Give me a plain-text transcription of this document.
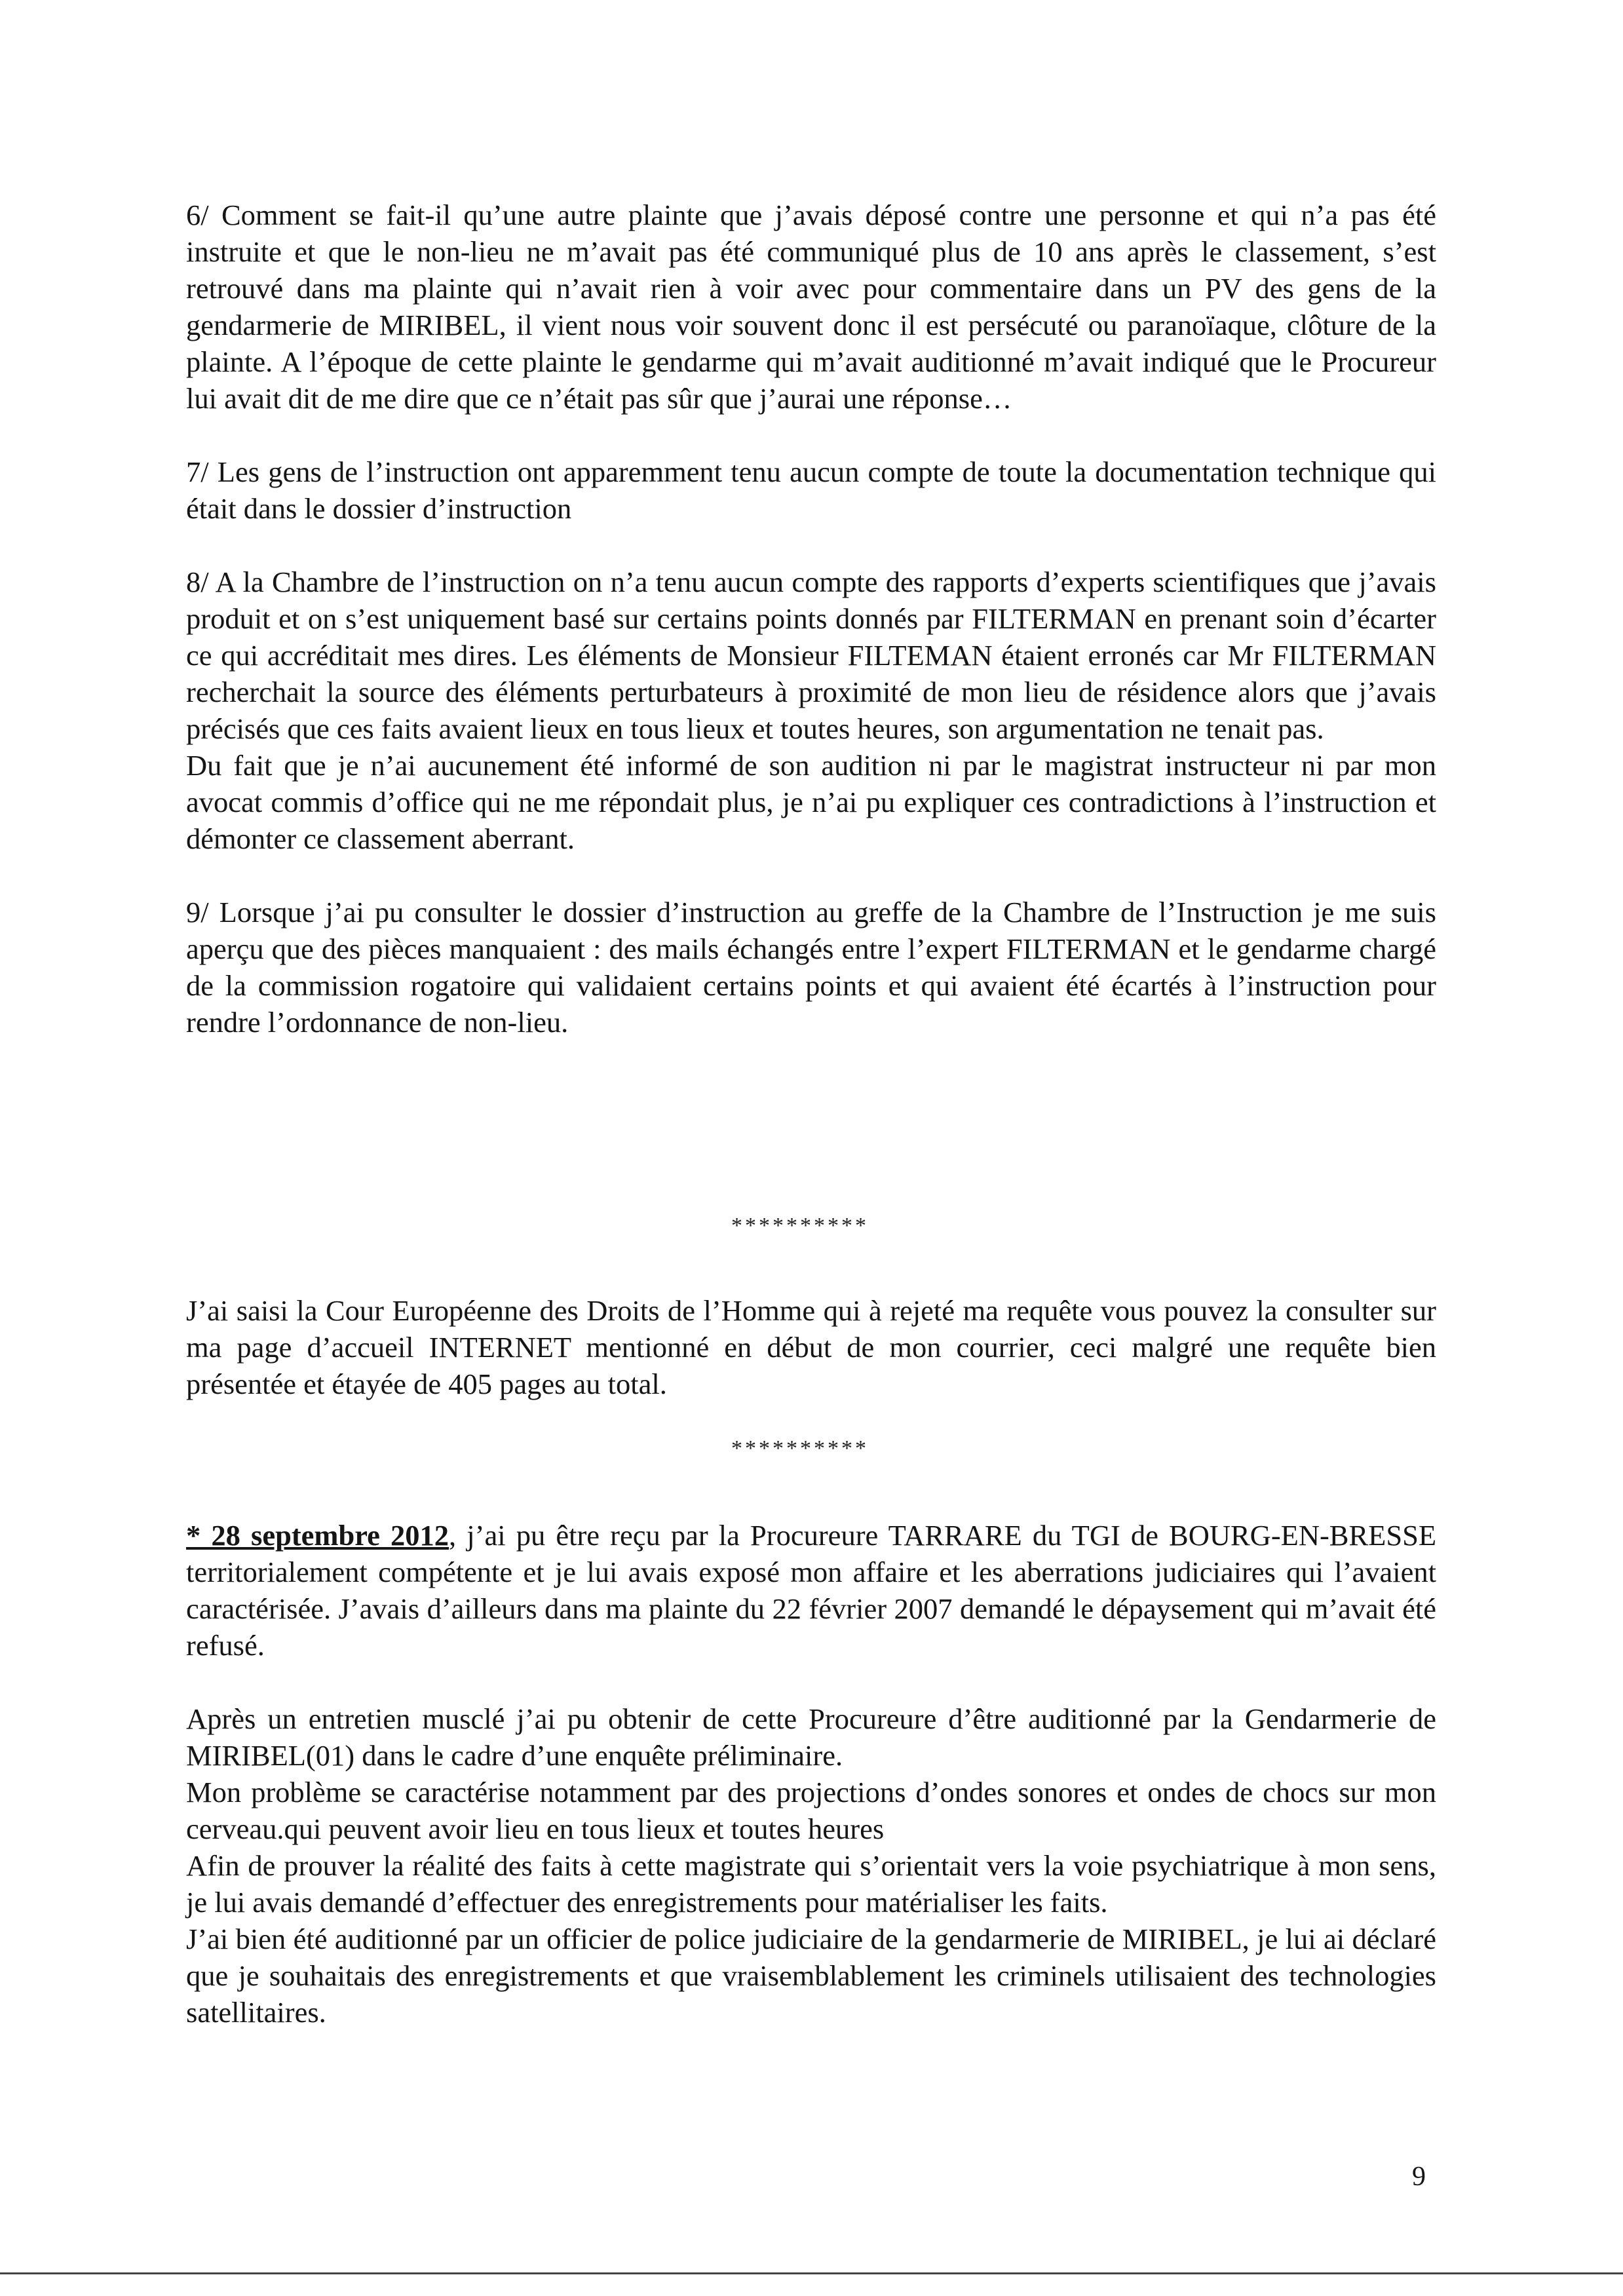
6/ Comment se fait-il qu’une autre plainte que j’avais déposé contre une personne et qui n’a pas été instruite et que le non-lieu ne m’avait pas été communiqué plus de 10 ans après le classement, s’est retrouvé dans ma plainte qui n’avait rien à voir avec pour commentaire dans un PV des gens de la gendarmerie de MIRIBEL, il vient nous voir souvent donc il est persécuté ou paranoïaque, clôture de la plainte. A l’époque de cette plainte le gendarme qui m’avait auditionné m’avait indiqué que le Procureur lui avait dit de me dire que ce n’était pas sûr que j’aurai une réponse…

7/ Les gens de l’instruction ont apparemment tenu aucun compte de toute la documentation technique qui était dans le dossier d’instruction

8/ A la Chambre de l’instruction on n’a tenu aucun compte des rapports d’experts scientifiques que j’avais produit et on s’est uniquement basé sur certains points donnés par FILTERMAN en prenant soin d’écarter ce qui accréditait mes dires. Les éléments de Monsieur FILTEMAN étaient erronés car Mr FILTERMAN recherchait la source des éléments perturbateurs à proximité de mon lieu de résidence alors que j’avais précisés que ces faits avaient lieux en tous lieux et toutes heures, son argumentation ne tenait pas.

Du fait que je n’ai aucunement été informé de son audition ni par le magistrat instructeur ni par mon avocat commis d’office qui ne me répondait plus, je n’ai pu expliquer ces contradictions à l’instruction et démonter ce classement aberrant.

9/ Lorsque j’ai pu consulter le dossier d’instruction au greffe de la Chambre de l’Instruction je me suis aperçu que des pièces manquaient : des mails échangés entre l’expert FILTERMAN et le gendarme chargé de la commission rogatoire qui validaient certains points et qui avaient été écartés à l’instruction pour rendre l’ordonnance de non-lieu.

**********

J’ai saisi la Cour Européenne des Droits de l’Homme qui à rejeté ma requête vous pouvez la consulter sur ma page d’accueil INTERNET mentionné en début de mon courrier, ceci malgré une requête bien présentée et étayée de 405 pages au total.

**********

* 28 septembre 2012, j’ai pu être reçu par la Procureure TARRARE du TGI de BOURG-EN-BRESSE territorialement compétente et je lui avais exposé mon affaire et les aberrations judiciaires qui l’avaient caractérisée. J’avais d’ailleurs dans ma plainte du 22 février 2007 demandé le dépaysement qui m’avait été refusé.

Après un entretien musclé j’ai pu obtenir de cette Procureure d’être auditionné par la Gendarmerie de MIRIBEL(01) dans le cadre d’une enquête préliminaire.

Mon problème se caractérise notamment par des projections d’ondes sonores et ondes de chocs sur mon cerveau.qui peuvent avoir lieu en tous lieux et toutes heures

Afin de prouver la réalité des faits à cette magistrate qui s’orientait vers la voie psychiatrique à mon sens, je lui avais demandé d’effectuer des enregistrements pour matérialiser les faits.

J’ai bien été auditionné par un officier de police judiciaire de la gendarmerie de MIRIBEL, je lui ai déclaré que je souhaitais des enregistrements et que vraisemblablement les criminels utilisaient des technologies satellitaires.

9
